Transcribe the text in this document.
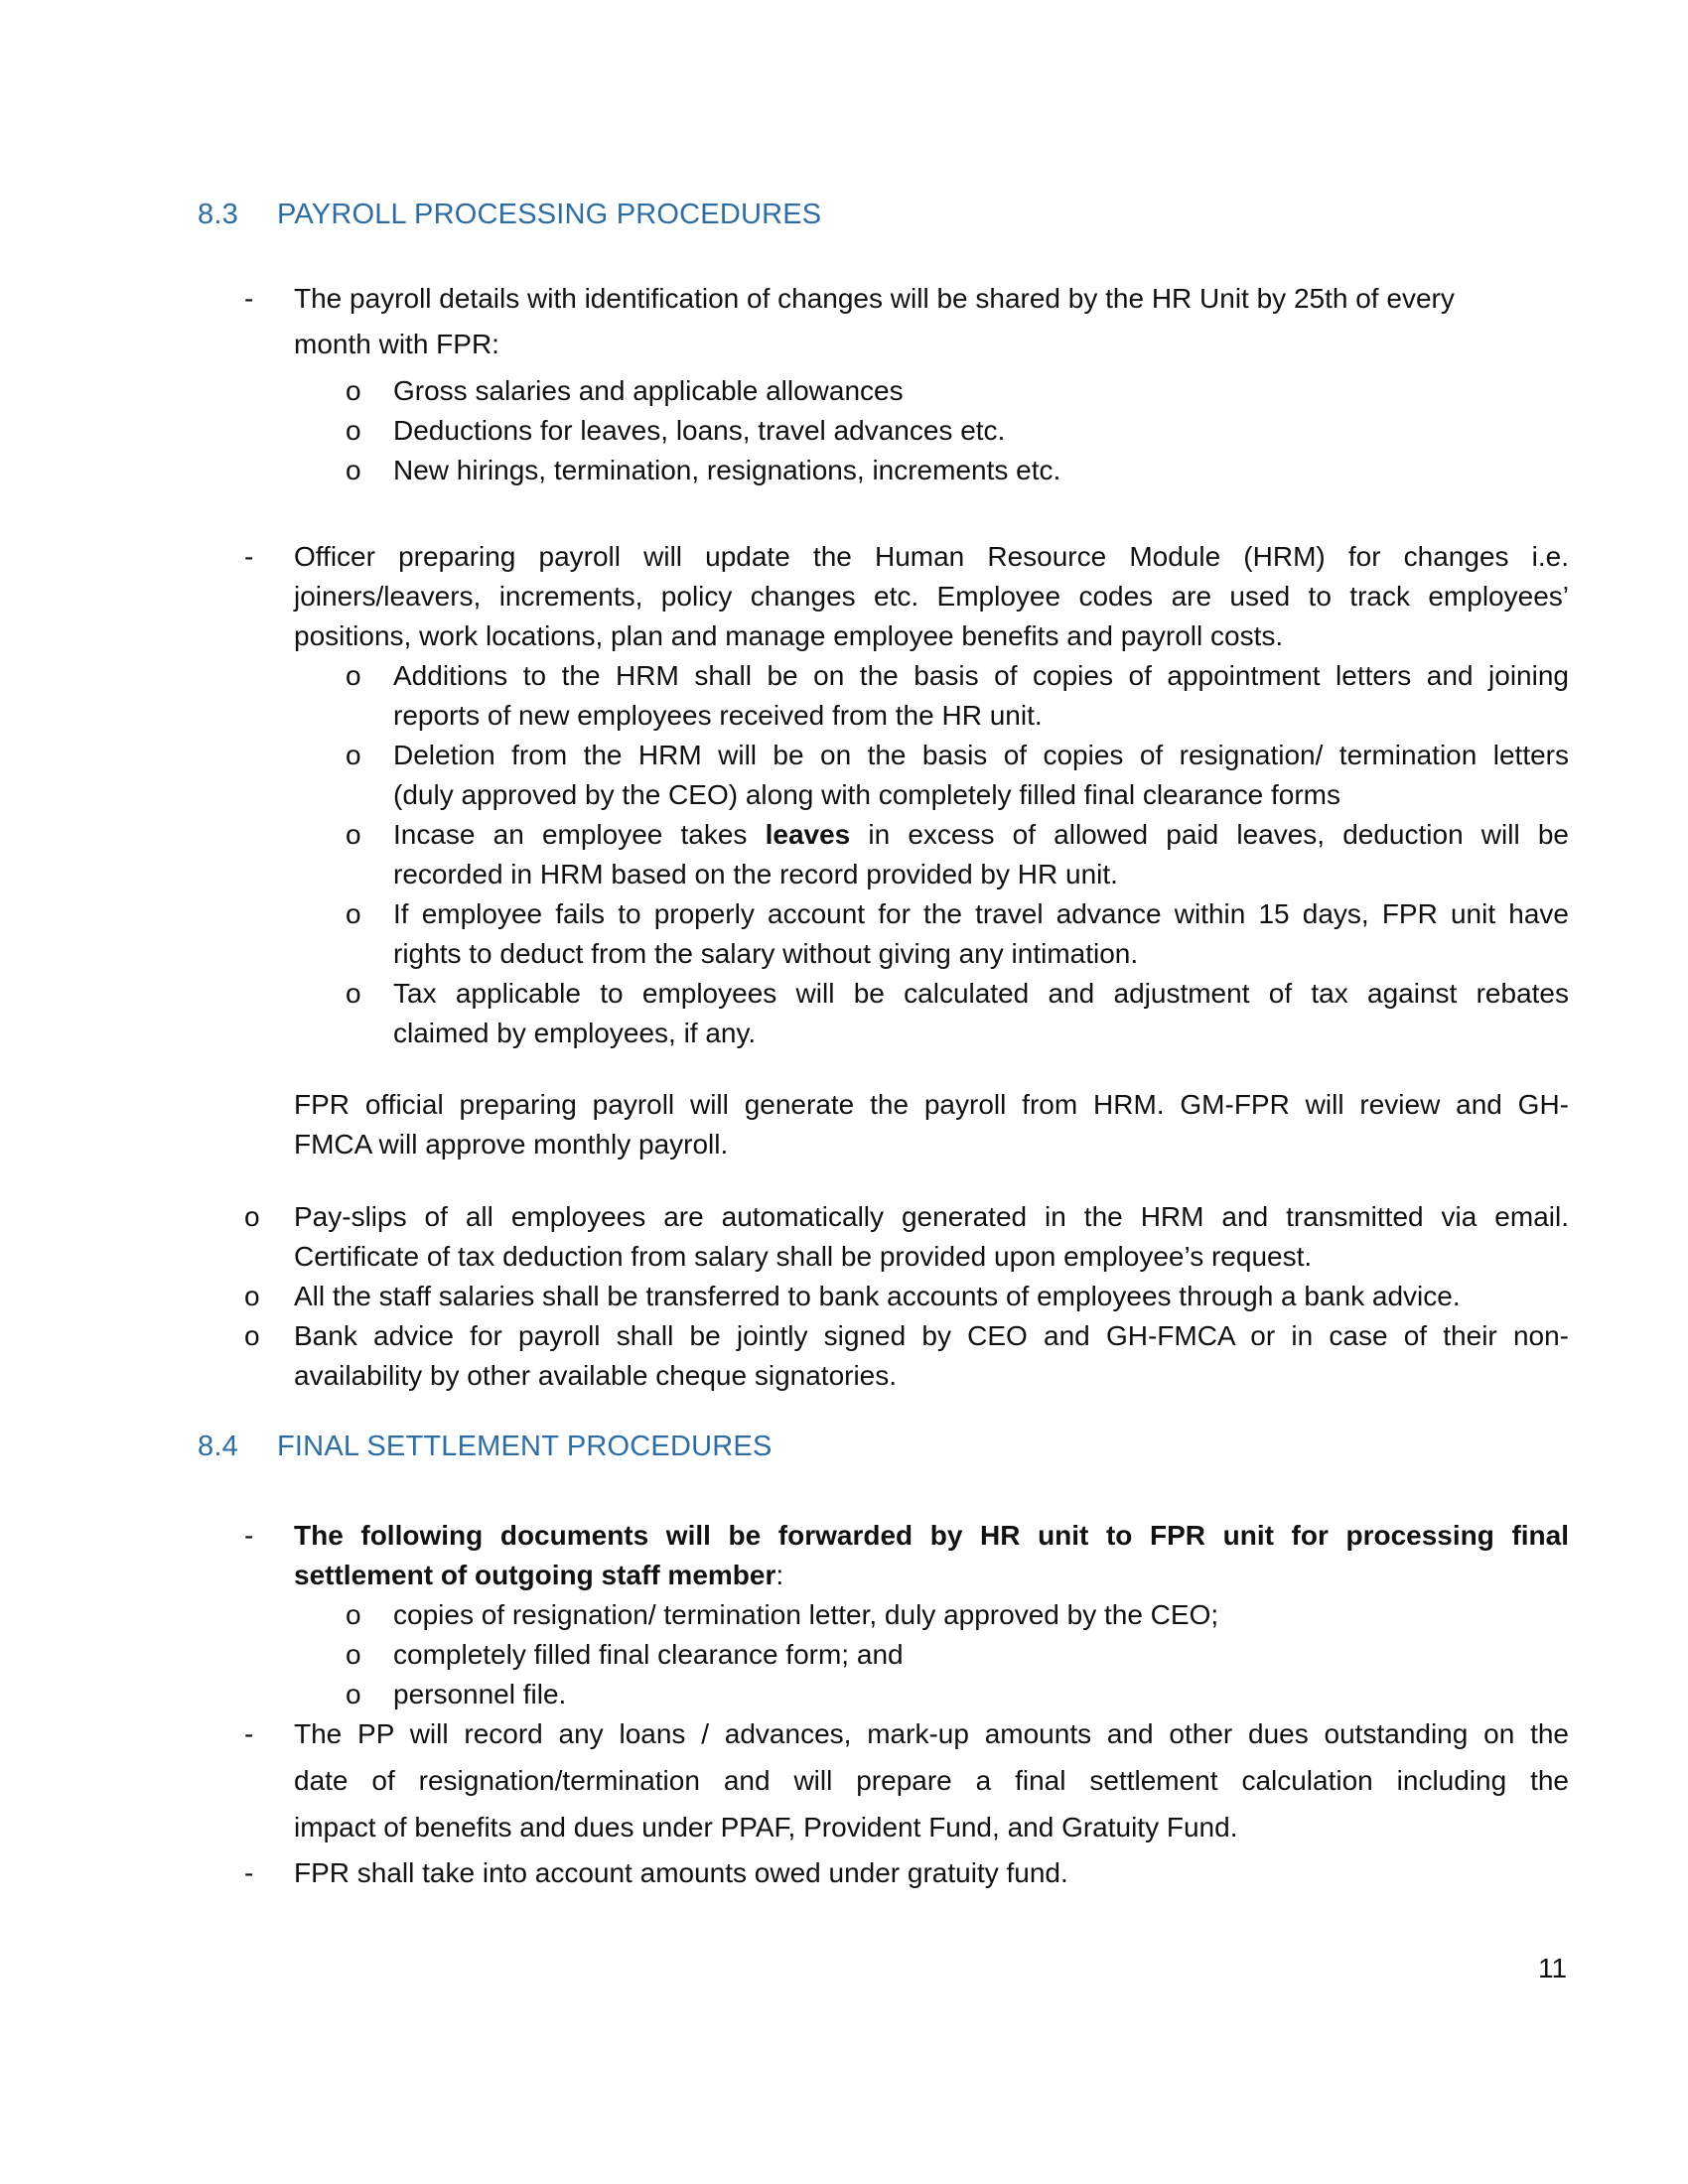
8.3 PAYROLL PROCESSING PROCEDURES
- The payroll details with identification of changes will be shared by the HR Unit by 25th of every
month with FPR:
o Gross salaries and applicable allowances
o Deductions for leaves, loans, travel advances etc.
o New hirings, termination, resignations, increments etc.
- Officer preparing payroll will update the Human Resource Module (HRM) for changes i.e.
joiners/leavers, increments, policy changes etc. Employee codes are used to track employees’
positions, work locations, plan and manage employee benefits and payroll costs.
o Additions to the HRM shall be on the basis of copies of appointment letters and joining
reports of new employees received from the HR unit.
o Deletion from the HRM will be on the basis of copies of resignation/ termination letters
(duly approved by the CEO) along with completely filled final clearance forms
o Incase an employee takes leaves in excess of allowed paid leaves, deduction will be
recorded in HRM based on the record provided by HR unit.
o If employee fails to properly account for the travel advance within 15 days, FPR unit have
rights to deduct from the salary without giving any intimation.
o Tax applicable to employees will be calculated and adjustment of tax against rebates
claimed by employees, if any.
FPR official preparing payroll will generate the payroll from HRM. GM-FPR will review and GH-
FMCA will approve monthly payroll.
o Pay-slips of all employees are automatically generated in the HRM and transmitted via email.
Certificate of tax deduction from salary shall be provided upon employee’s request.
o All the staff salaries shall be transferred to bank accounts of employees through a bank advice.
o Bank advice for payroll shall be jointly signed by CEO and GH-FMCA or in case of their non-
availability by other available cheque signatories.
8.4 FINAL SETTLEMENT PROCEDURES
- The following documents will be forwarded by HR unit to FPR unit for processing final
settlement of outgoing staff member:
o copies of resignation/ termination letter, duly approved by the CEO;
o completely filled final clearance form; and
o personnel file.
- The PP will record any loans / advances, mark-up amounts and other dues outstanding on the
date of resignation/termination and will prepare a final settlement calculation including the
impact of benefits and dues under PPAF, Provident Fund, and Gratuity Fund.
- FPR shall take into account amounts owed under gratuity fund.
11
